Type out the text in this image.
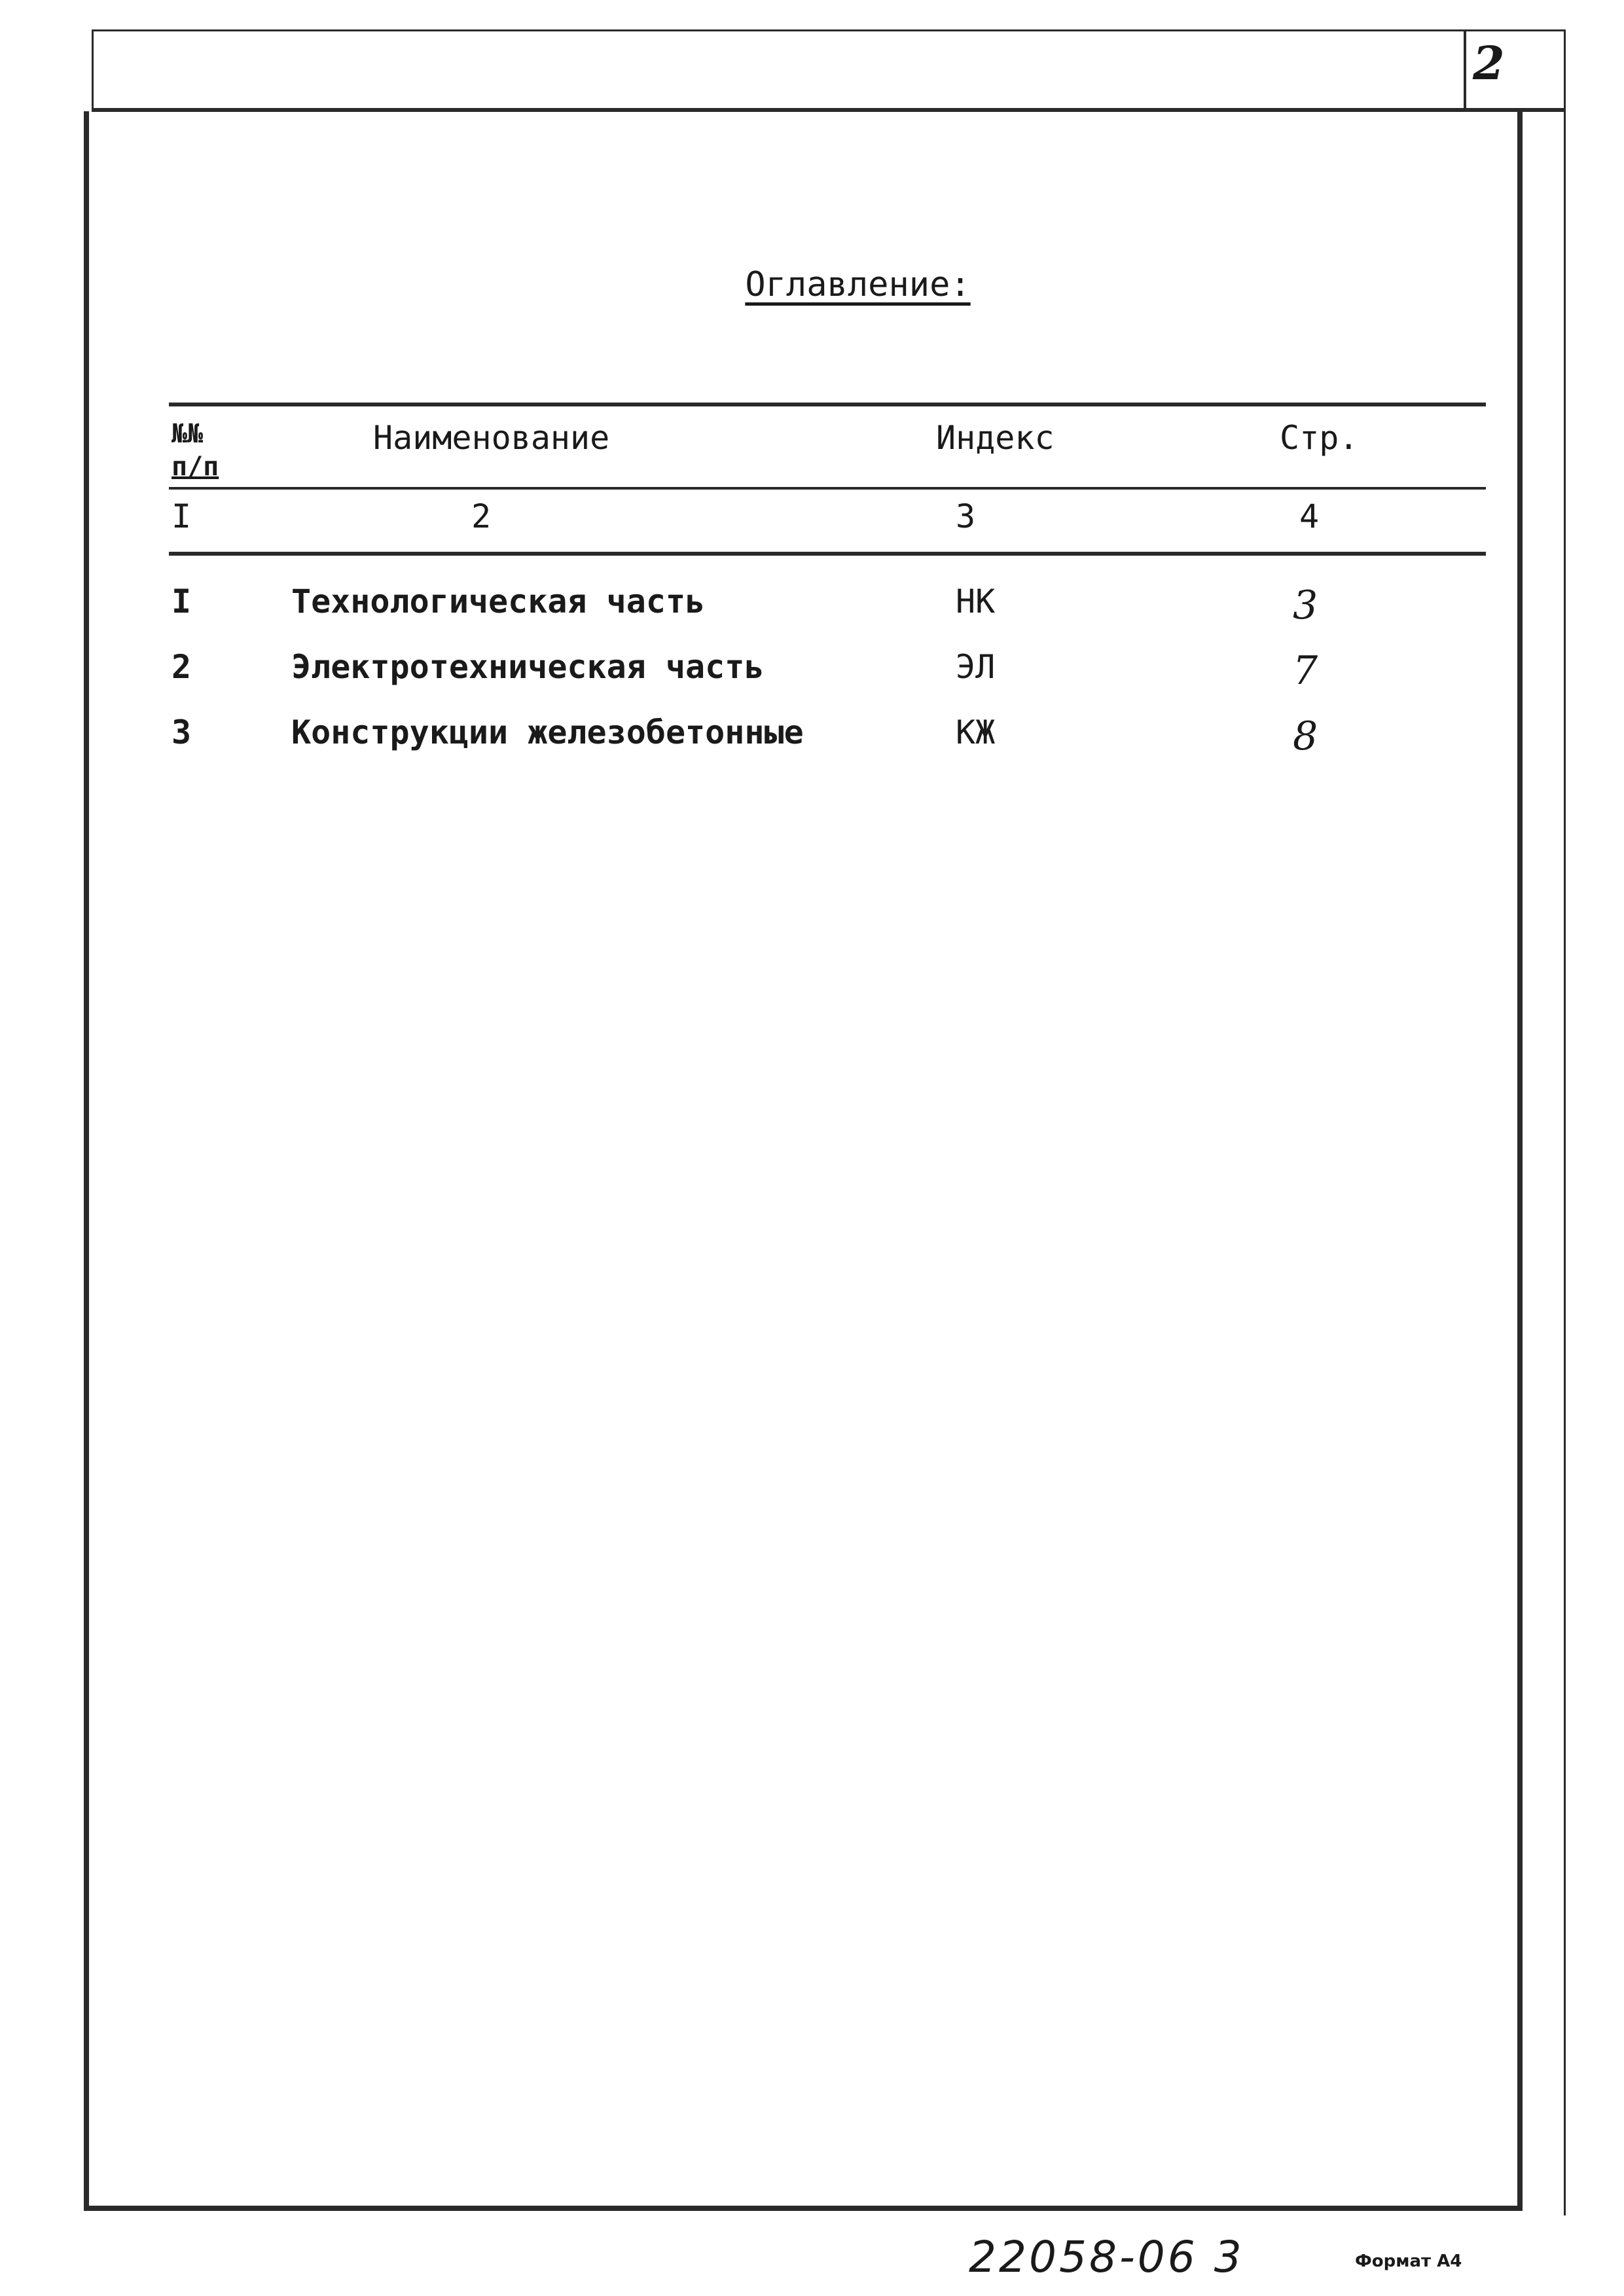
2
Оглавление:
№№
п/п
Наименование	Индекс	Стр.
I	2	3	4
I	Технологическая часть	НК	3
2	Электротехническая часть	ЭЛ	7
3	Конструкции железобетонные	КЖ	8
22058-06 3	Формат А4
